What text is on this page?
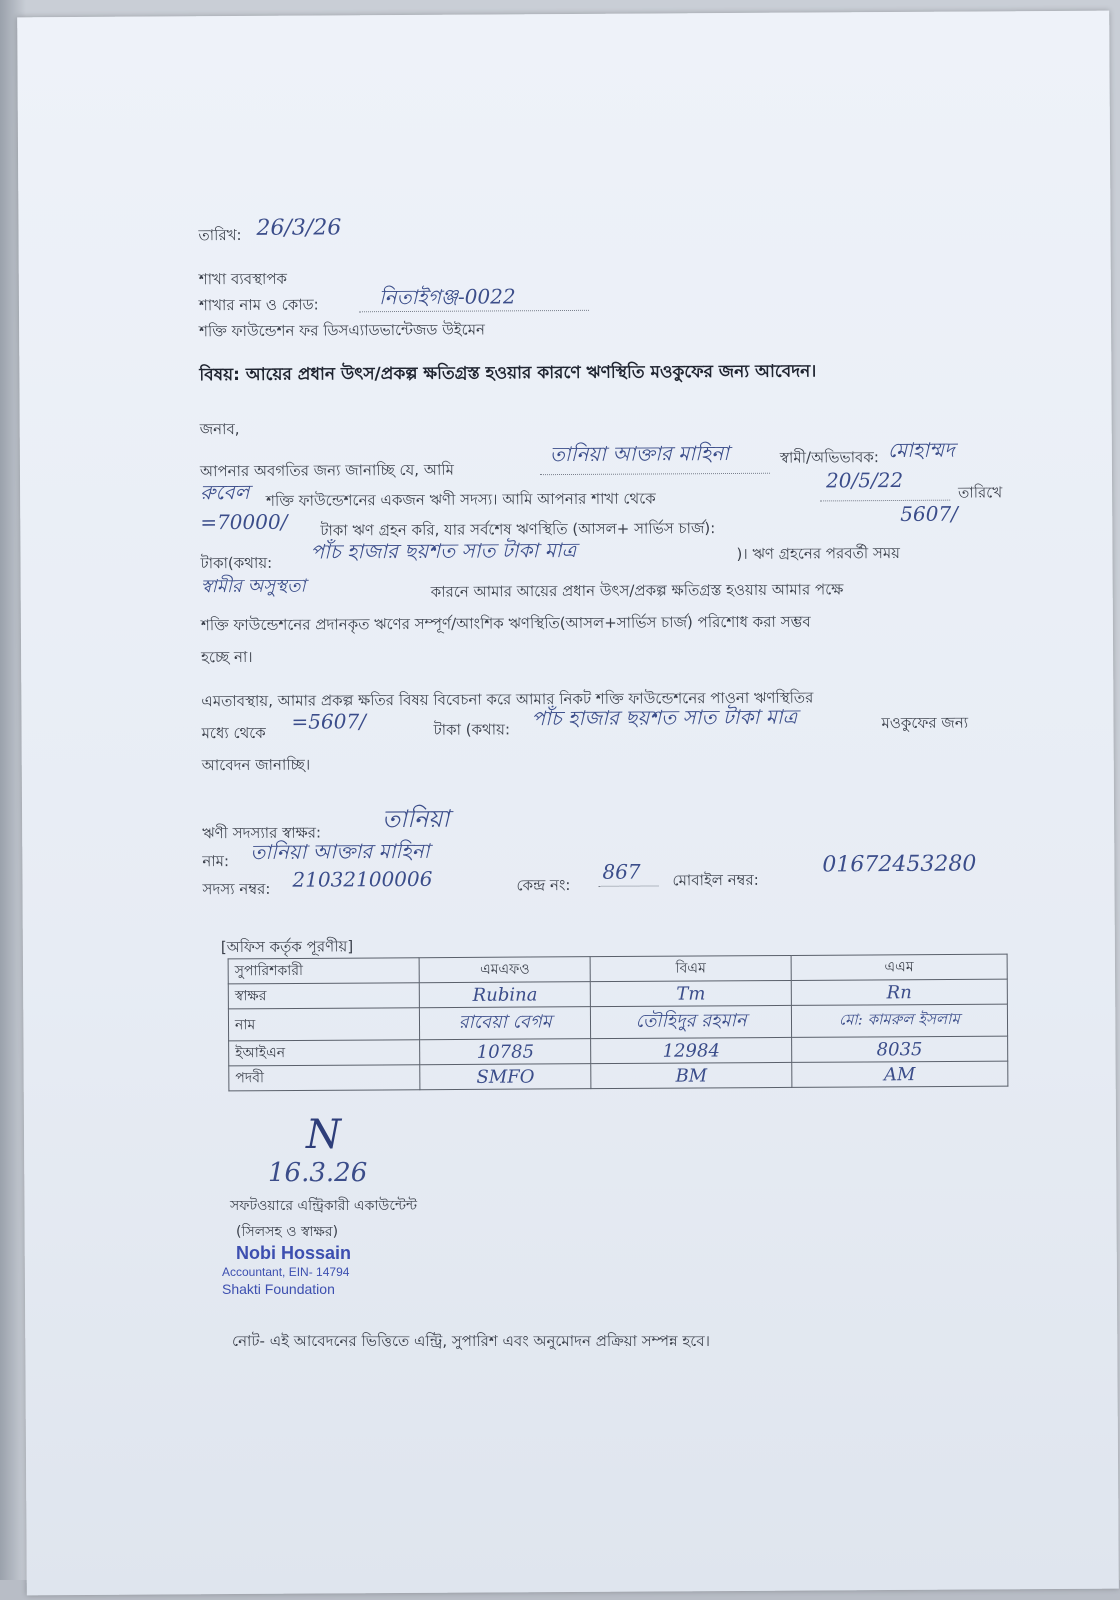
তারিখ: 26/3/26
শাখা ব্যবস্থাপক
শাখার নাম ও কোড:	নিতাইগঞ্জ-0022
শক্তি ফাউন্ডেশন ফর ডিসএ্যাডভান্টেজড উইমেন
বিষয়: আয়ের প্রধান উৎস/প্রকল্প ক্ষতিগ্রস্ত হওয়ার কারণে ঋণস্থিতি মওকুফের জন্য আবেদন।
জনাব,
আপনার অবগতির জন্য জানাচ্ছি যে, আমি
তানিয়া আক্তার মাহিনা	স্বামী/অভিভাবক: মোহাম্মদ
রুবেল শক্তি ফাউন্ডেশনের একজন ঋণী সদস্য। আমি আপনার শাখা থেকে
20/5/22
তারিখে
=70000/ টাকা ঋণ গ্রহন করি, যার সর্বশেষ ঋণস্থিতি (আসল+ সার্ভিস চার্জ):
5607/
টাকা(কথায়: পাঁচ হাজার ছয়শত সাত টাকা মাত্র	)। ঋণ গ্রহনের পরবর্তী সময়
স্বামীর অসুস্থতা	কারনে আমার আয়ের প্রধান উৎস/প্রকল্প ক্ষতিগ্রস্ত হওয়ায় আমার পক্ষে
শক্তি ফাউন্ডেশনের প্রদানকৃত ঋণের সম্পূর্ণ/আংশিক ঋণস্থিতি(আসল+সার্ভিস চার্জ) পরিশোধ করা সম্ভব
হচ্ছে না।
এমতাবস্থায়, আমার প্রকল্প ক্ষতির বিষয় বিবেচনা করে আমার নিকট শক্তি ফাউন্ডেশনের পাওনা ঋণস্থিতির
মধ্যে থেকে =5607/	টাকা (কথায়: পাঁচ হাজার ছয়শত সাত টাকা মাত্র	মওকুফের জন্য
আবেদন জানাচ্ছি।
ঋণী সদস্যার স্বাক্ষর:	তানিয়া
নাম: তানিয়া আক্তার মাহিনা
সদস্য নম্বর: 21032100006	কেন্দ্র নং:
867 মোবাইল নম্বর:
01672453280
[অফিস কর্তৃক পূরণীয়]
সুপারিশকারী	এমএফও	বিএম	এএম
স্বাক্ষর	Rubina	Tm	Rn

নাম	রাবেয়া বেগম	তৌহিদুর রহমান	মো: কামরুল ইসলাম

ইআইএন	10785	12984	8035

পদবী	SMFO	BM	AM
N
16.3.26
সফটওয়ারে এন্ট্রিকারী একাউন্টেন্ট
(সিলসহ ও স্বাক্ষর)
Nobi Hossain
Accountant, EIN- 14794
Shakti Foundation
নোট- এই আবেদনের ভিত্তিতে এন্ট্রি, সুপারিশ এবং অনুমোদন প্রক্রিয়া সম্পন্ন হবে।
